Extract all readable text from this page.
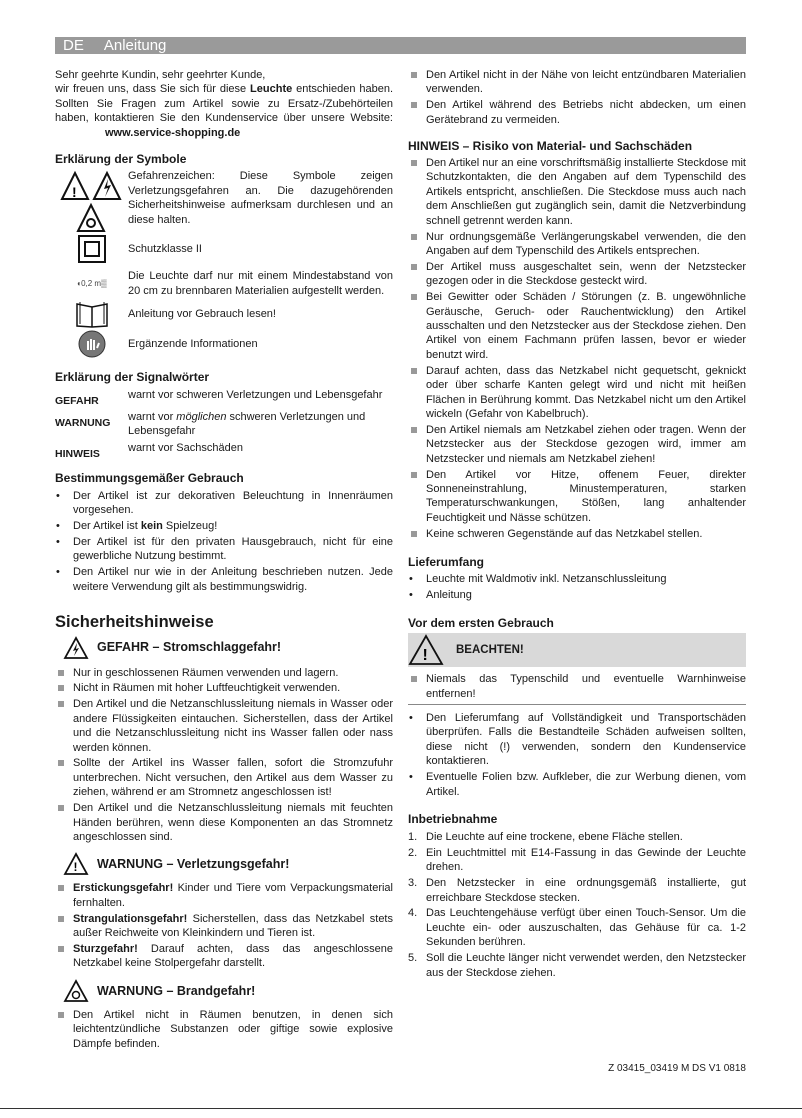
DE Anleitung
Sehr geehrte Kundin, sehr geehrter Kunde,

wir freuen uns, dass Sie sich für diese Leuchte entschieden haben. Sollten Sie Fragen zum Artikel sowie zu Ersatz-/Zubehörteilen haben, kontaktieren Sie den Kundenservice über unsere Website: www.service-shopping.de

Erklärung der Symbole
!

Gefahrenzeichen: Diese Symbole zeigen Verletzungsgefahren an. Die dazugehörenden Sicherheitshinweise aufmerksam durchlesen und an diese halten.

Schutzklasse II

◖0,2 m▒

Die Leuchte darf nur mit einem Mindestabstand von 20 cm zu brennbaren Materialien aufgestellt werden.

Anleitung vor Gebrauch lesen!

Ergänzende Informationen

Erklärung der Signalwörter
GEFAHR	warnt vor schweren Verletzungen und Lebensgefahr
WARNUNG	warnt vor möglichen schweren Verletzungen und Lebensgefahr
HINWEIS	warnt vor Sachschäden
Bestimmungsgemäßer Gebrauch
• Der Artikel ist zur dekorativen Beleuchtung in Innenräumen vorgesehen.
• Der Artikel ist kein Spielzeug!
• Der Artikel ist für den privaten Hausgebrauch, nicht für eine gewerbliche Nutzung bestimmt.
• Den Artikel nur wie in der Anleitung beschrieben nutzen. Jede weitere Verwendung gilt als bestimmungswidrig.
Sicherheitshinweise
GEFAHR – Stromschlaggefahr!
Nur in geschlossenen Räumen verwenden und lagern.
Nicht in Räumen mit hoher Luftfeuchtigkeit verwenden.
Den Artikel und die Netzanschlussleitung niemals in Wasser oder andere Flüssigkeiten eintauchen. Sicherstellen, dass der Artikel und die Netzanschlussleitung nicht ins Wasser fallen oder nass werden können.
Sollte der Artikel ins Wasser fallen, sofort die Stromzufuhr unterbrechen. Nicht versuchen, den Artikel aus dem Wasser zu ziehen, während er am Stromnetz angeschlossen ist!
Den Artikel und die Netzanschlussleitung niemals mit feuchten Händen berühren, wenn diese Komponenten an das Stromnetz angeschlossen sind.
! WARNUNG – Verletzungsgefahr!
Erstickungsgefahr! Kinder und Tiere vom Verpackungsmaterial fernhalten.
Strangulationsgefahr! Sicherstellen, dass das Netzkabel stets außer Reichweite von Kleinkindern und Tieren ist.
Sturzgefahr! Darauf achten, dass das angeschlossene Netzkabel keine Stolpergefahr darstellt.
WARNUNG – Brandgefahr!
Den Artikel nicht in Räumen benutzen, in denen sich leichtentzündliche Substanzen oder giftige sowie explosive Dämpfe befinden.
Den Artikel nicht in der Nähe von leicht entzündbaren Materialien verwenden.
Den Artikel während des Betriebs nicht abdecken, um einen Gerätebrand zu vermeiden.
HINWEIS – Risiko von Material- und Sachschäden
Den Artikel nur an eine vorschriftsmäßig installierte Steckdose mit Schutzkontakten, die den Angaben auf dem Typenschild des Artikels entspricht, anschließen. Die Steckdose muss auch nach dem Anschließen gut zugänglich sein, damit die Netzverbindung schnell getrennt werden kann.
Nur ordnungsgemäße Verlängerungskabel verwenden, die den Angaben auf dem Typenschild des Artikels entsprechen.
Der Artikel muss ausgeschaltet sein, wenn der Netzstecker gezogen oder in die Steckdose gesteckt wird.
Bei Gewitter oder Schäden / Störungen (z. B. ungewöhnliche Geräusche, Geruch- oder Rauchentwicklung) den Artikel ausschalten und den Netzstecker aus der Steckdose ziehen. Den Artikel von einem Fachmann prüfen lassen, bevor er wieder benutzt wird.
Darauf achten, dass das Netzkabel nicht gequetscht, geknickt oder über scharfe Kanten gelegt wird und nicht mit heißen Flächen in Berührung kommt. Das Netzkabel nicht um den Artikel wickeln (Gefahr von Kabelbruch).
Den Artikel niemals am Netzkabel ziehen oder tragen. Wenn der Netzstecker aus der Steckdose gezogen wird, immer am Netzstecker und niemals am Netzkabel ziehen!
Den Artikel vor Hitze, offenem Feuer, direkter Sonneneinstrahlung, Minustemperaturen, starken Temperaturschwankungen, Stößen, lang anhaltender Feuchtigkeit und Nässe schützen.
Keine schweren Gegenstände auf das Netzkabel stellen.
Lieferumfang
• Leuchte mit Waldmotiv inkl. Netzanschlussleitung
• Anleitung
Vor dem ersten Gebrauch
! BEACHTEN!
Niemals das Typenschild und eventuelle Warnhinweise entfernen!
• Den Lieferumfang auf Vollständigkeit und Transportschäden überprüfen. Falls die Bestandteile Schäden aufweisen sollten, diese nicht (!) verwenden, sondern den Kundenservice kontaktieren.
• Eventuelle Folien bzw. Aufkleber, die zur Werbung dienen, vom Artikel.
Inbetriebnahme
1. Die Leuchte auf eine trockene, ebene Fläche stellen.
2. Ein Leuchtmittel mit E14-Fassung in das Gewinde der Leuchte drehen.
3. Den Netzstecker in eine ordnungsgemäß installierte, gut erreichbare Steckdose stecken.
4. Das Leuchtengehäuse verfügt über einen Touch-Sensor. Um die Leuchte ein- oder auszuschalten, das Gehäuse für ca. 1-2 Sekunden berühren.
5. Soll die Leuchte länger nicht verwendet werden, den Netzstecker aus der Steckdose ziehen.
Z 03415_03419 M DS V1 0818
